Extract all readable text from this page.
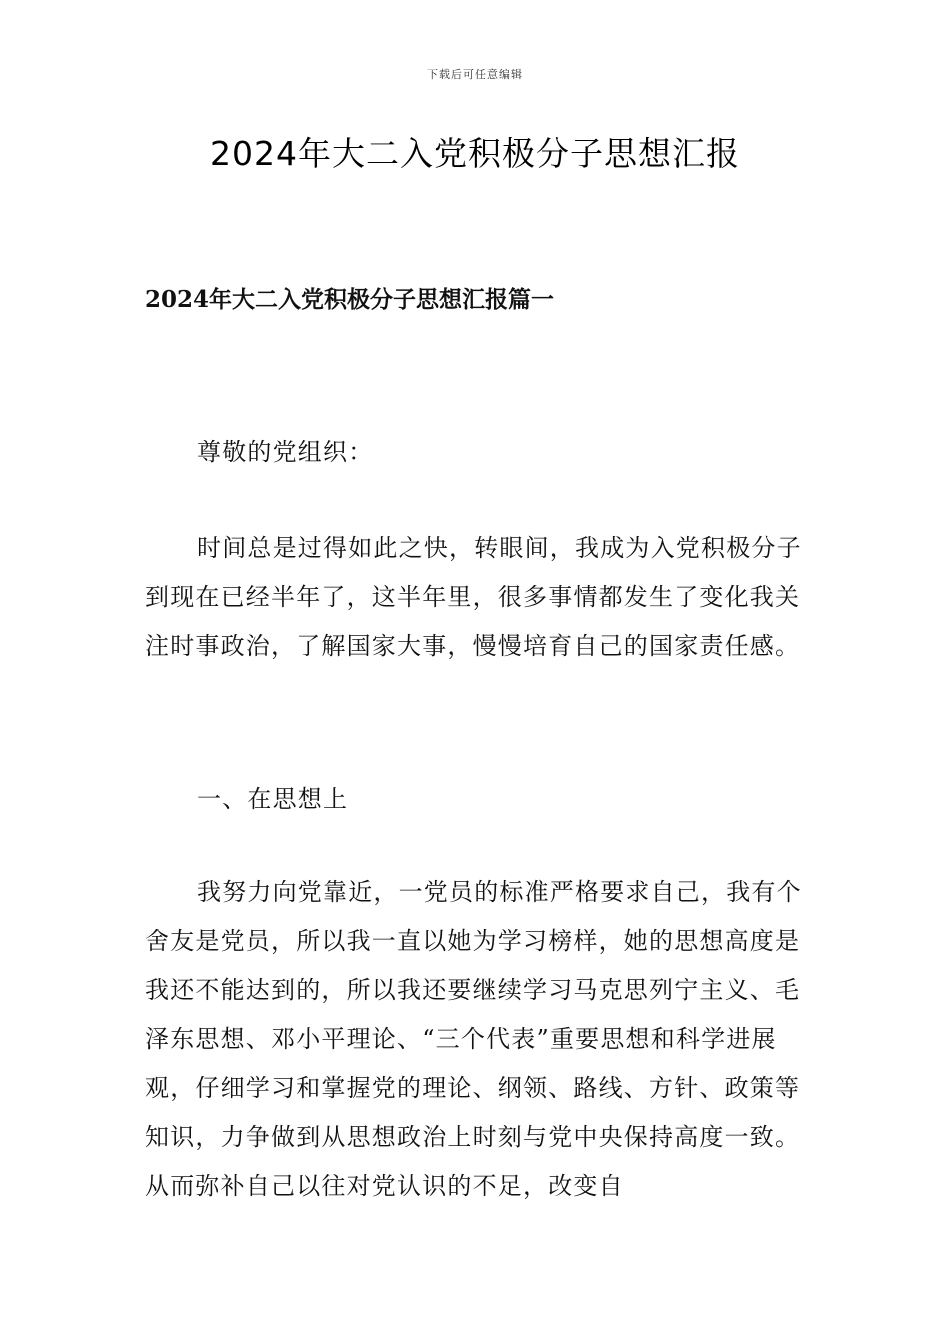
下载后可任意编辑
2024年大二入党积极分子思想汇报
2024年大二入党积极分子思想汇报篇一

尊敬的党组织：

时间总是过得如此之快，转眼间，我成为入党积极分子到现在已经半年了，这半年里，很多事情都发生了变化我关注时事政治，了解国家大事，慢慢培育自己的国家责任感。

一、在思想上

我努力向党靠近，一党员的标准严格要求自己，我有个舍友是党员，所以我一直以她为学习榜样，她的思想高度是我还不能达到的，所以我还要继续学习马克思列宁主义、毛泽东思想、邓小平理论、“三个代表”重要思想和科学进展观，仔细学习和掌握党的理论、纲领、路线、方针、政策等知识，力争做到从思想政治上时刻与党中央保持高度一致。从而弥补自己以往对党认识的不足，改变自
